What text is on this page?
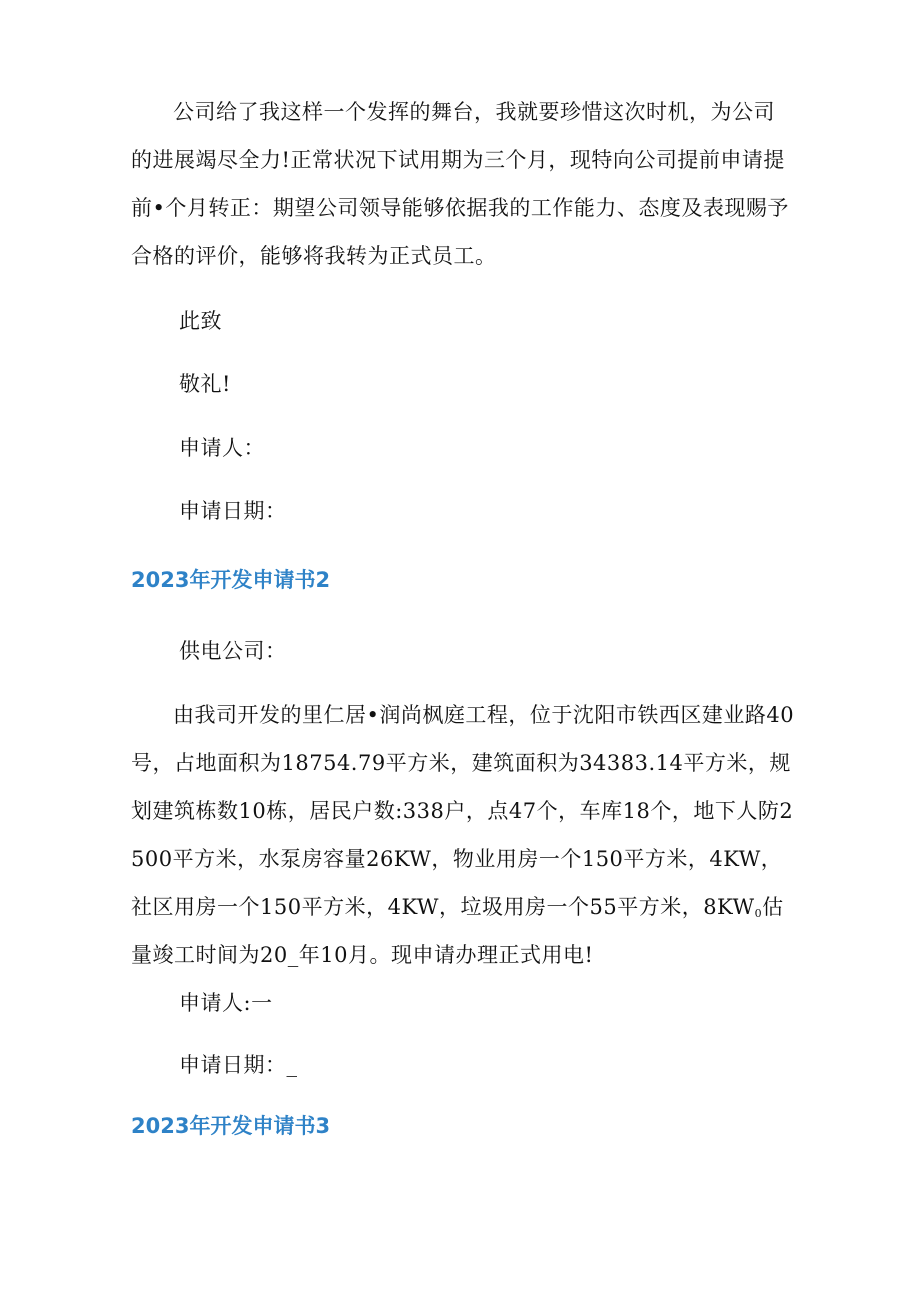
公司给了我这样一个发挥的舞台，我就要珍惜这次时机，为公司的进展竭尽全力!正常状况下试用期为三个月，现特向公司提前申请提前•个月转正：期望公司领导能够依据我的工作能力、态度及表现赐予合格的评价，能够将我转为正式员工。

此致

敬礼!

申请人：

申请日期：

2023年开发申请书2

供电公司：

由我司开发的里仁居•润尚枫庭工程，位于沈阳市铁西区建业路40号，占地面积为18754.79平方米，建筑面积为34383.14平方米，规划建筑栋数10栋，居民户数:338户，点47个，车库18个，地下人防2500平方米，水泵房容量26KW，物业用房一个150平方米，4KW，社区用房一个150平方米，4KW，垃圾用房一个55平方米，$8KW_0$估量竣工时间为20_年10月。现申请办理正式用电!

申请人:一

申请日期：_

2023年开发申请书3
